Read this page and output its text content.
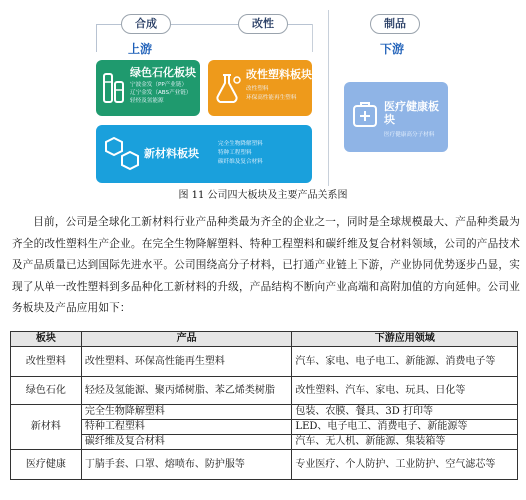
合成	改性	制品
上游	下游
绿色石化板块
宁波金发（PP产业链）
辽宁金发（ABS产业链）
轻烃及氢能源
改性塑料板块
改性塑料
环保高性能再生塑料
新材料板块
完全生物降解塑料
特种工程塑料
碳纤维及复合材料
医疗健康板块
医疗健康高分子材料
图 11 公司四大板块及主要产品关系图

目前，公司是全球化工新材料行业产品种类最为齐全的企业之一，同时是全球规模最大、产品种类最为齐全的改性塑料生产企业。在完全生物降解塑料、特种工程塑料和碳纤维及复合材料领域，公司的产品技术及产品质量已达到国际先进水平。公司围绕高分子材料，已打通产业链上下游，产业协同优势逐步凸显，实现了从单一改性塑料到多品种化工新材料的升级，产品结构不断向产业高端和高附加值的方向延伸。公司业务板块及产品应用如下：

板块	产品	下游应用领域
改性塑料	改性塑料、环保高性能再生塑料	汽车、家电、电子电工、新能源、消费电子等
绿色石化	轻烃及氢能源、聚丙烯树脂、苯乙烯类树脂	改性塑料、汽车、家电、玩具、日化等
新材料	完全生物降解塑料	包装、农膜、餐具、3D 打印等
	特种工程塑料	LED、电子电工、消费电子、新能源等
	碳纤维及复合材料	汽车、无人机、新能源、集装箱等
医疗健康	丁腈手套、口罩、熔喷布、防护服等	专业医疗、个人防护、工业防护、空气滤芯等
